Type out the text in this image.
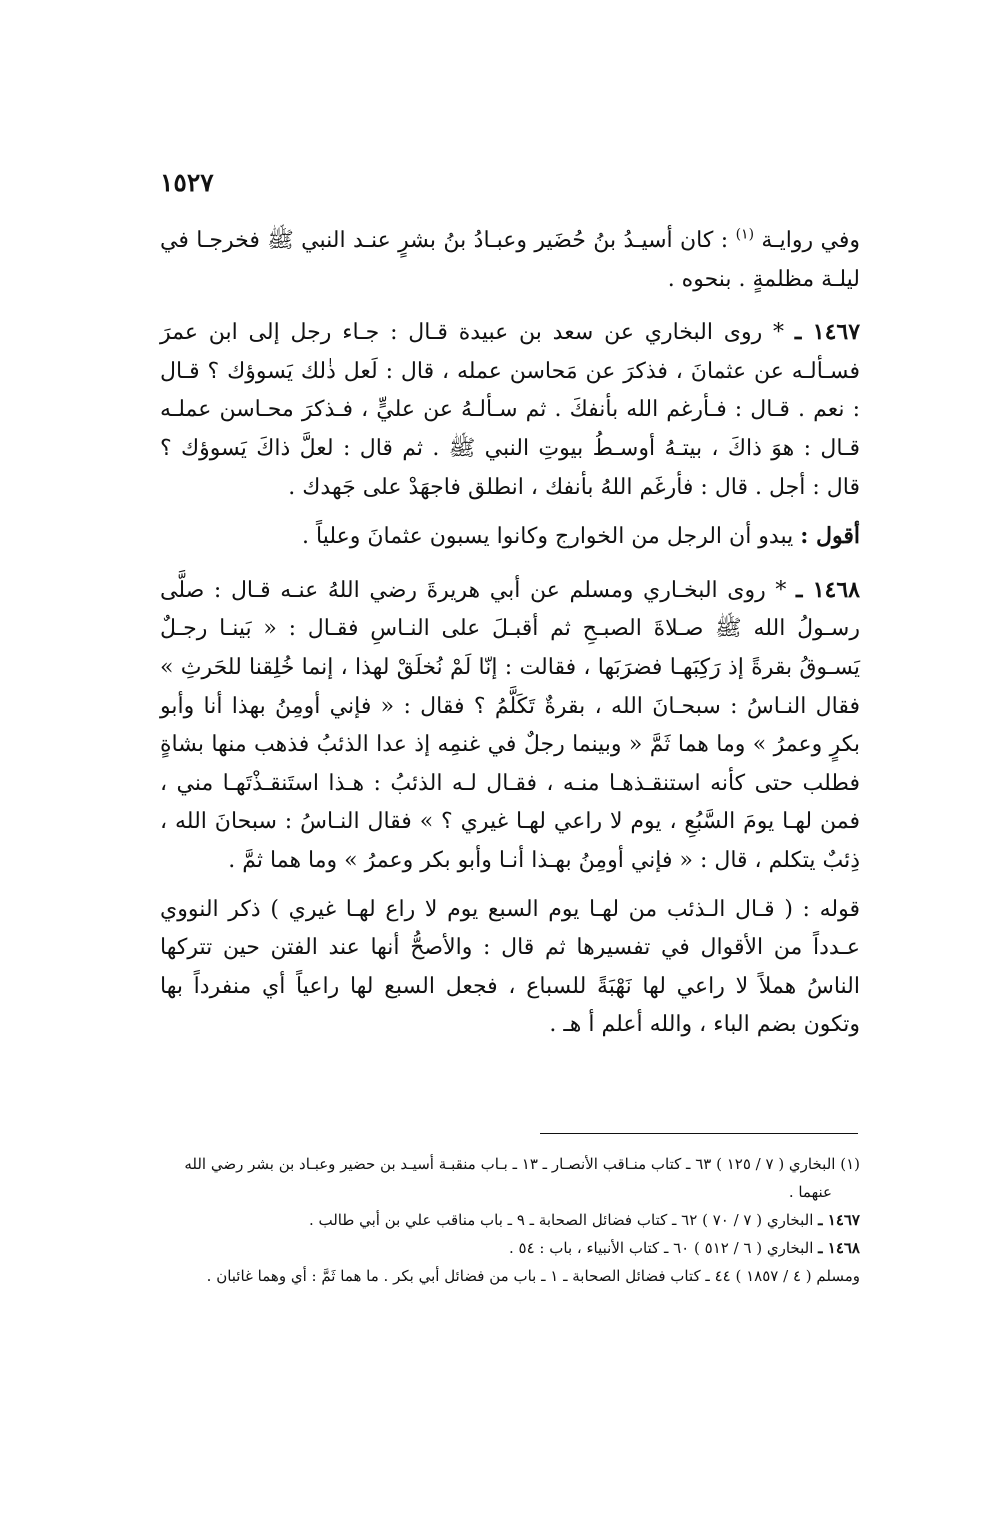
١٥٢٧

وفي روايـة $^{(١)}$ : كان أسيـدُ بنُ حُضَير وعبـادُ بنُ بشرٍ عنـد النبي ﷺ فخرجـا في ليلـة مظلمةٍ . بنحوه .

١٤٦٧ ـ * روى البخاري عن سعد بن عبيدة قـال : جـاء رجل إلى ابن عمرَ فسـألـه عن عثمانَ ، فذكرَ عن مَحاسن عمله ، قال : لَعل ذٰلك يَسوؤك ؟ قـال : نعم . قـال : فـأرغم الله بأنفكَ . ثم سـألـهُ عن عليٍّ ، فـذكرَ محـاسن عملـه قـال : هوَ ذاكَ ، بيتـهُ أوسـطُ بيوتِ النبي ﷺ . ثم قال : لعلَّ ذاكَ يَسوؤك ؟ قال : أجل . قال : فأرغَم اللهُ بأنفك ، انطلق فاجهَدْ على جَهدك .

أقول : يبدو أن الرجل من الخوارج وكانوا يسبون عثمانَ وعلياً .

١٤٦٨ ـ * روى البخـاري ومسلم عن أبي هريرةَ رضي اللهُ عنـه قـال : صلَّى رسـولُ الله ﷺ صـلاةَ الصبـحِ ثم أقبـلَ على النـاسِ فقـال : « بَينـا رجـلٌ يَسـوقُ بقرةً إذ رَكِبَهـا فضرَبَها ، فقالت : إنّا لَمْ نُخلَقْ لهذا ، إنما خُلِقنا للحَرثِ » فقال النـاسُ : سبحـانَ الله ، بقرةٌ تَكَلَّمُ ؟ فقال : « فإني أومِنُ بهذا أنا وأبو بكرٍ وعمرُ » وما هما ثَمَّ « وبينما رجلٌ في غنمِه إذ عدا الذئبُ فذهب منها بشاةٍ فطلب حتى كأنه استنقـذهـا منـه ، فقـال لـه الذئبُ : هـذا استَنقـذْتَهـا مني ، فمن لهـا يومَ السَّبُعِ ، يوم لا راعي لهـا غيري ؟ » فقال النـاسُ : سبحانَ الله ، ذِئبٌ يتكلم ، قال : « فإني أومِنُ بهـذا أنـا وأبو بكر وعمرُ » وما هما ثمَّ .

قوله : ( قـال الـذئب من لهـا يوم السبع يوم لا راع لهـا غيري ) ذكر النووي عـدداً من الأقوال في تفسيرها ثم قال : والأصحُّ أنها عند الفتن حين تتركها الناسُ هملاً لا راعي لها نَهْبَةً للسباع ، فجعل السبع لها راعياً أي منفرداً بها وتكون بضم الباء ، والله أعلم أ هـ .

(١) البخاري ( ٧ / ١٢٥ ) ٦٣ ـ كتاب منـاقب الأنصـار ـ ١٣ ـ بـاب منقبـة أسيـد بن حضير وعبـاد بن بشر رضي الله

عنهما .

١٤٦٧ ـ البخاري ( ٧ / ٧٠ ) ٦٢ ـ كتاب فضائل الصحابة ـ ٩ ـ باب مناقب علي بن أبي طالب .

١٤٦٨ ـ البخاري ( ٦ / ٥١٢ ) ٦٠ ـ كتاب الأنبياء ، باب : ٥٤ .

ومسلم ( ٤ / ١٨٥٧ ) ٤٤ ـ كتاب فضائل الصحابة ـ ١ ـ باب من فضائل أبي بكر . ما هما ثَمَّ : أي وهما غائبان .
